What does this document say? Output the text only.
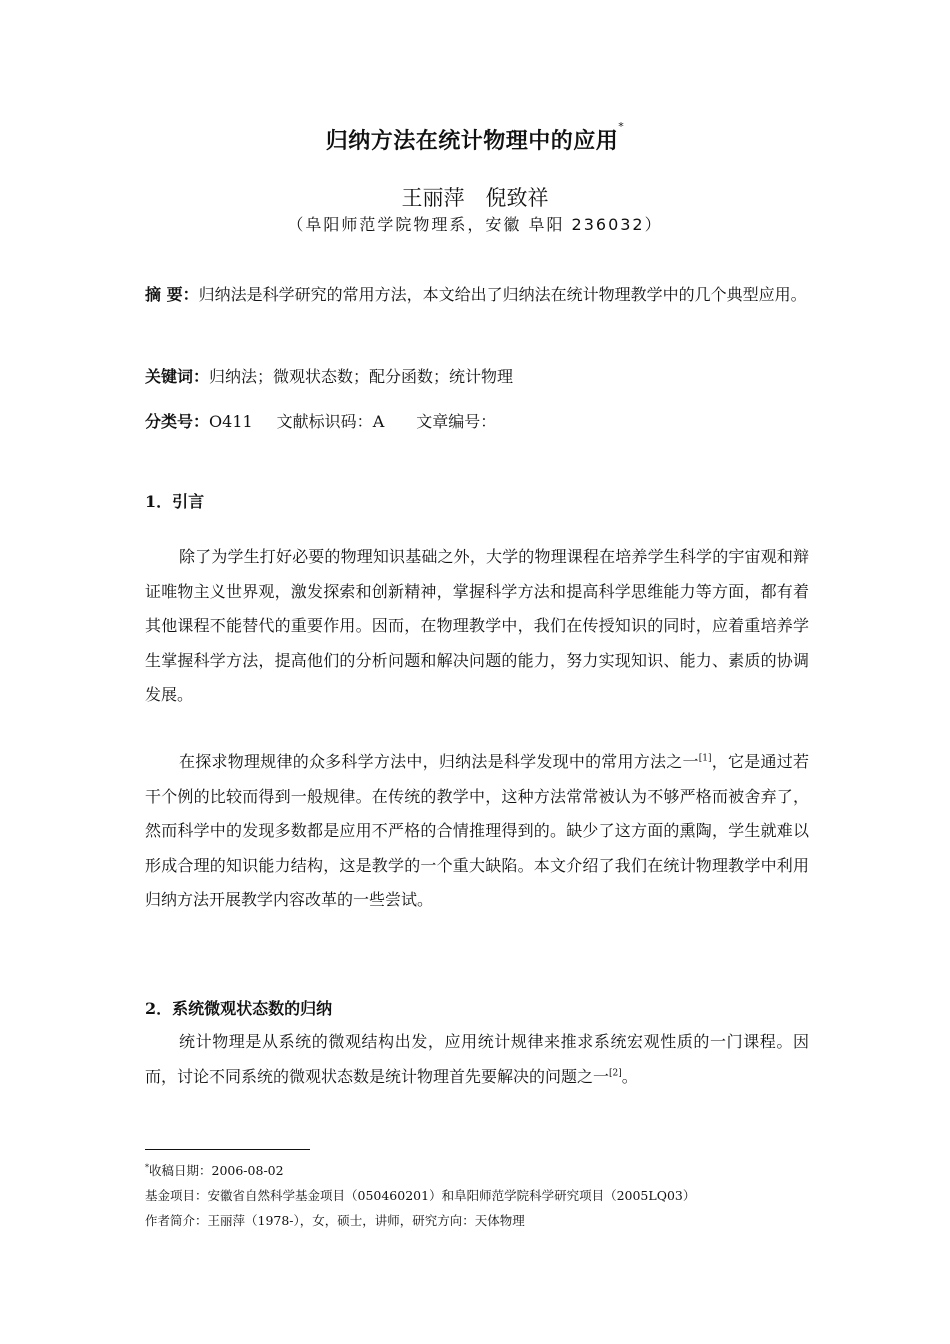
归纳方法在统计物理中的应用*
王丽萍　倪致祥
（阜阳师范学院物理系，安徽 阜阳 236032）
摘 要：归纳法是科学研究的常用方法，本文给出了归纳法在统计物理教学中的几个典型应用。
关键词：归纳法；微观状态数；配分函数；统计物理
分类号：O411 文献标识码：A 文章编号：
1．引言
除了为学生打好必要的物理知识基础之外，大学的物理课程在培养学生科学的宇宙观和辩证唯物主义世界观，激发探索和创新精神，掌握科学方法和提高科学思维能力等方面，都有着其他课程不能替代的重要作用。因而，在物理教学中，我们在传授知识的同时，应着重培养学生掌握科学方法，提高他们的分析问题和解决问题的能力，努力实现知识、能力、素质的协调发展。
在探求物理规律的众多科学方法中，归纳法是科学发现中的常用方法之一[1]，它是通过若干个例的比较而得到一般规律。在传统的教学中，这种方法常常被认为不够严格而被舍弃了，然而科学中的发现多数都是应用不严格的合情推理得到的。缺少了这方面的熏陶，学生就难以形成合理的知识能力结构，这是教学的一个重大缺陷。本文介绍了我们在统计物理教学中利用归纳方法开展教学内容改革的一些尝试。
2．系统微观状态数的归纳
统计物理是从系统的微观结构出发，应用统计规律来推求系统宏观性质的一门课程。因而，讨论不同系统的微观状态数是统计物理首先要解决的问题之一[2]。
*收稿日期：2006-08-02
基金项目：安徽省自然科学基金项目（050460201）和阜阳师范学院科学研究项目（2005LQ03）
作者简介：王丽萍（1978-），女，硕士，讲师，研究方向：天体物理
